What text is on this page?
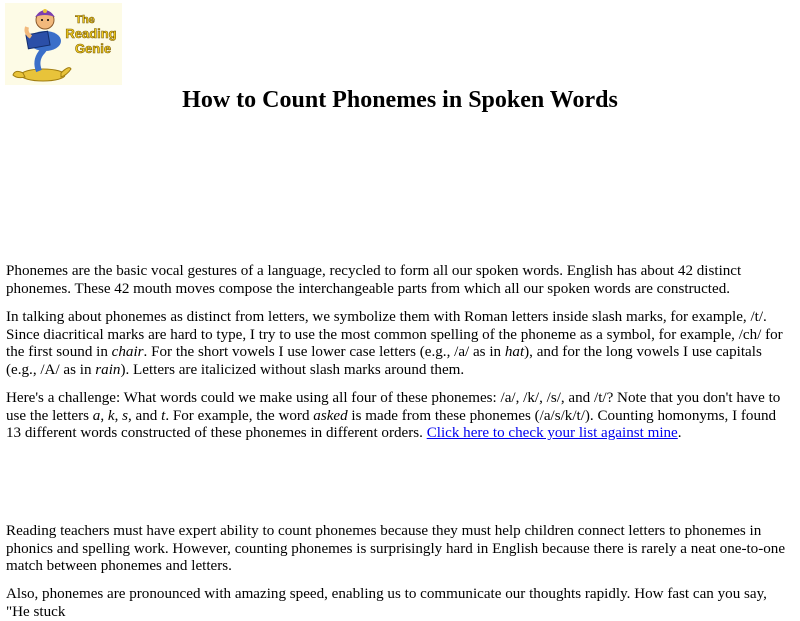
The
Reading
Genie
How to Count Phonemes in Spoken Words

Phonemes are the basic vocal gestures of a language, recycled to form all our spoken words. English has about 42 distinct phonemes. These 42 mouth moves compose the interchangeable parts from which all our spoken words are constructed.

In talking about phonemes as distinct from letters, we symbolize them with Roman letters inside slash marks, for example, /t/. Since diacritical marks are hard to type, I try to use the most common spelling of the phoneme as a symbol, for example, /ch/ for the first sound in chair. For the short vowels I use lower case letters (e.g., /a/ as in hat), and for the long vowels I use capitals (e.g., /A/ as in rain). Letters are italicized without slash marks around them.

Here's a challenge: What words could we make using all four of these phonemes: /a/, /k/, /s/, and /t/? Note that you don't have to use the letters a, k, s, and t. For example, the word asked is made from these phonemes (/a/s/k/t/). Counting homonyms, I found 13 different words constructed of these phonemes in different orders. Click here to check your list against mine.

Reading teachers must have expert ability to count phonemes because they must help children connect letters to phonemes in phonics and spelling work. However, counting phonemes is surprisingly hard in English because there is rarely a neat one-to-one match between phonemes and letters.

Also, phonemes are pronounced with amazing speed, enabling us to communicate our thoughts rapidly. How fast can you say, "He stuck
